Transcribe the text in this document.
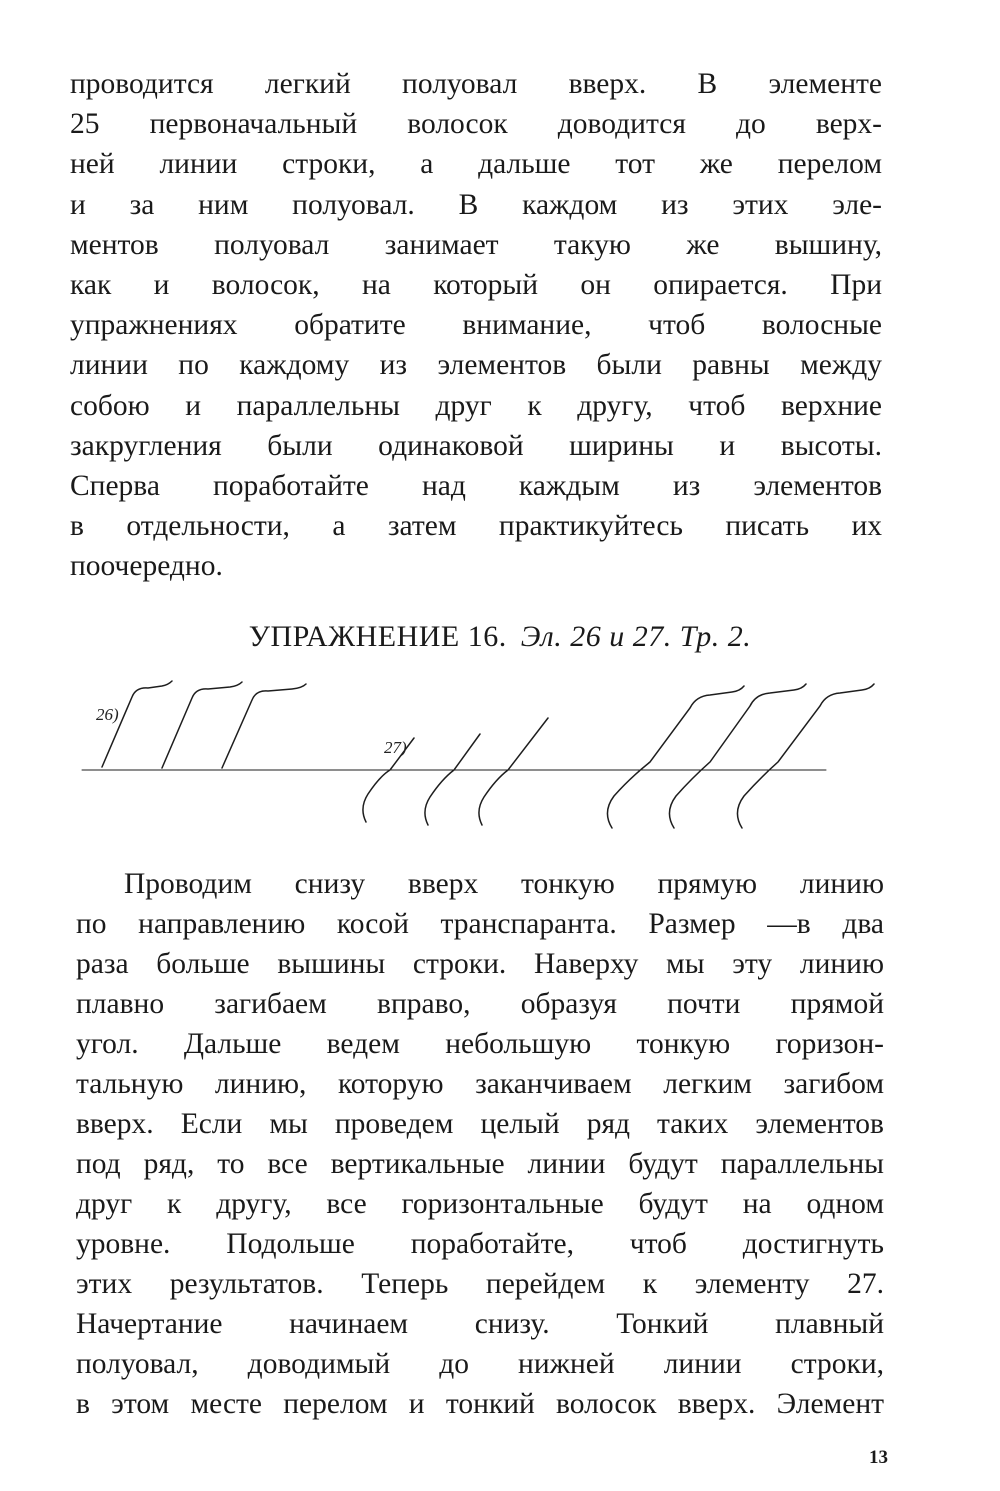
проводится легкий полуовал вверх. В элементе
25 первоначальный волосок доводится до верх-
ней линии строки, а дальше тот же перелом
и за ним полуовал. В каждом из этих эле-
ментов полуовал занимает такую же вышину,
как и волосок, на который он опирается. При
упражнениях обратите внимание, чтоб волосные
линии по каждому из элементов были равны между
собою и параллельны друг к другу, чтоб верхние
закругления были одинаковой ширины и высоты.
Сперва поработайте над каждым из элементов
в отдельности, а затем практикуйтесь писать их
поочередно.
УПРАЖНЕНИЕ 16. Эл. 26 и 27. Тр. 2.
26)
27)
Проводим снизу вверх тонкую прямую линию
по направлению косой транспаранта. Размер —в два
раза больше вышины строки. Наверху мы эту линию
плавно загибаем вправо, образуя почти прямой
угол. Дальше ведем небольшую тонкую горизон-
тальную линию, которую заканчиваем легким загибом
вверх. Если мы проведем целый ряд таких элементов
под ряд, то все вертикальные линии будут параллельны
друг к другу, все горизонтальные будут на одном
уровне. Подольше поработайте, чтоб достигнуть
этих результатов. Теперь перейдем к элементу 27.
Начертание начинаем снизу. Тонкий плавный
полуовал, доводимый до нижней линии строки,
в этом месте перелом и тонкий волосок вверх. Элемент
13
